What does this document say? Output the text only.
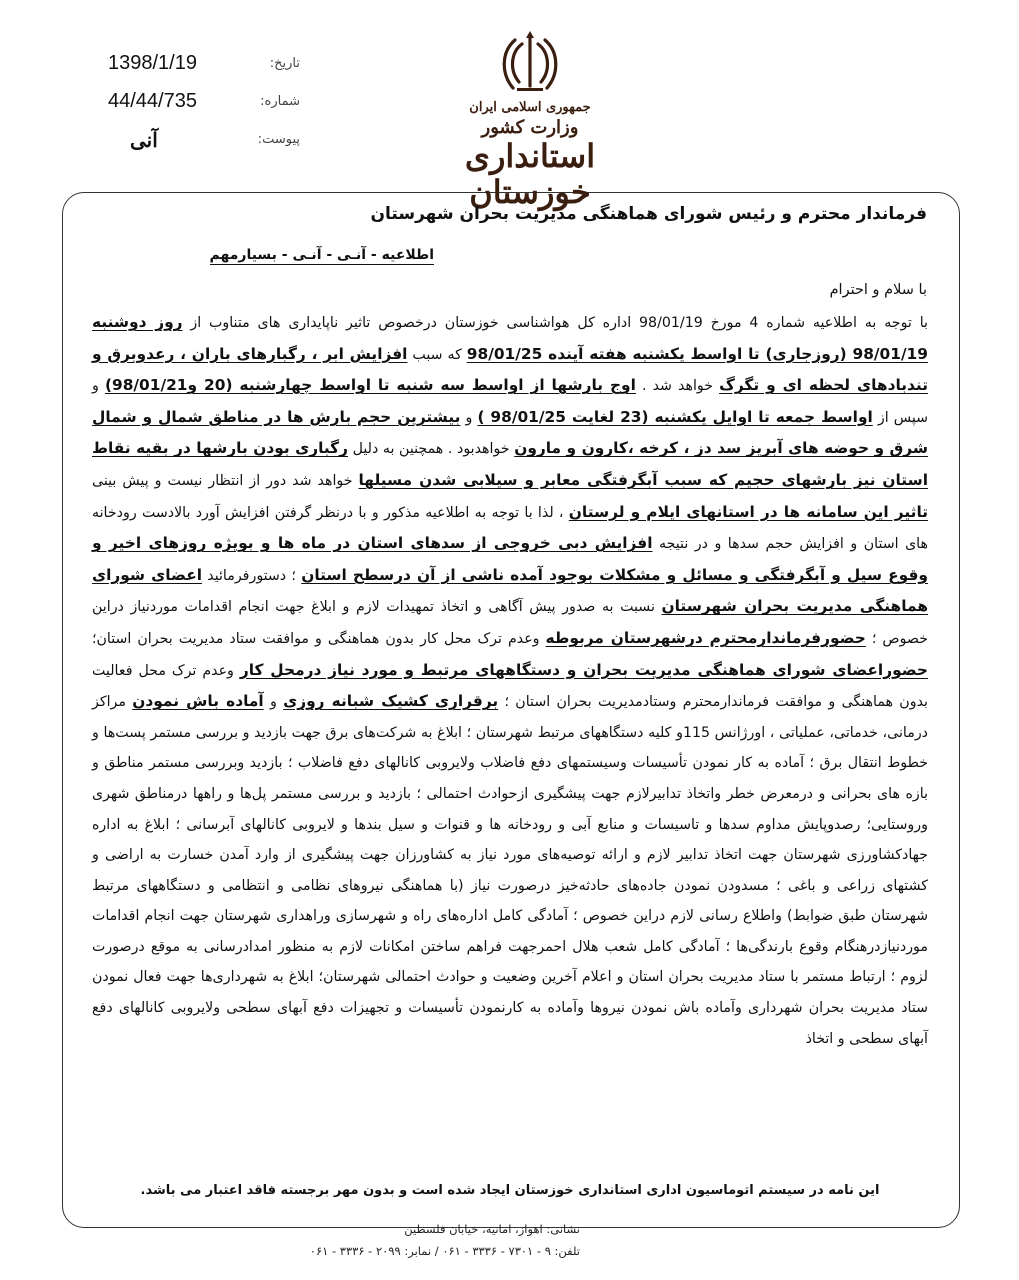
جمهوری اسلامی ایران
وزارت کشور
استانداری خوزستان
1398/1/19	تاریخ:
44/44/735	شماره:
آنی	پیوست:
فرماندار محترم و رئیس شورای هماهنگی مدیریت بحران شهرستان
اطلاعیه - آنـی - آنـی - بسیارمهم
با سلام و احترام
با توجه به اطلاعیه شماره 4 مورخ 98/01/19 اداره کل هواشناسی خوزستان درخصوص تاثیر ناپایداری های متناوب از روز دوشنبه 98/01/19 (روزجاری) تا اواسط یکشنبه هفته آینده 98/01/25 که سبب افزایش ابر ، رگبارهای باران ، رعدوبرق و تندبادهای لحظه ای و تگرگ خواهد شد . اوج بارشها از اواسط سه شنبه تا اواسط چهارشنبه (20 و98/01/21) و سپس از اواسط جمعه تا اوایل یکشنبه (23 لغایت 98/01/25 ) و بیشترین حجم بارش ها در مناطق شمال و شمال شرق و حوضه های آبریز سد دز ، کرخه ،کارون و مارون خواهدبود . همچنین به دلیل رگباری بودن بارشها در بقیه نقاط استان نیز بارشهای حجیم که سبب آبگرفتگی معابر و سیلابی شدن مسیلها خواهد شد دور از انتظار نیست و پیش بینی تاثیر این سامانه ها در استانهای ایلام و لرستان ، لذا با توجه به اطلاعیه مذکور و با درنظر گرفتن افزایش آورد بالادست رودخانه های استان و افزایش حجم سدها و در نتیجه افزایش دبی خروجی از سدهای استان در ماه ها و بویژه روزهای اخیر و وقوع سیل و آبگرفتگی و مسائل و مشکلات بوجود آمده ناشی از آن درسطح استان ؛ دستورفرمائید اعضای شورای هماهنگی مدیریت بحران شهرستان نسبت به صدور پیش آگاهی و اتخاذ تمهیدات لازم و ابلاغ جهت انجام اقدامات موردنیاز دراین خصوص ؛ حضورفرماندارمحترم درشهرستان مربوطه وعدم ترک محل کار بدون هماهنگی و موافقت ستاد مدیریت بحران استان؛ حضوراعضای شورای هماهنگی مدیریت بحران و دستگاههای مرتبط و مورد نیاز درمحل کار وعدم ترک محل فعالیت بدون هماهنگی و موافقت فرماندارمحترم وستادمدیریت بحران استان ؛ برقراری کشیک شبانه روزی و آماده باش نمودن مراکز درمانی، خدماتی، عملیاتی ، اورژانس 115و کلیه دستگاههای مرتبط شهرستان ؛ ابلاغ به شرکت‌های برق جهت بازدید و بررسی مستمر پست‌ها و خطوط انتقال برق ؛ آماده به کار نمودن تأسیسات وسیستمهای دفع فاضلاب ولایروبی کانالهای دفع فاضلاب ؛ بازدید وبررسی مستمر مناطق و بازه های بحرانی و درمعرض خطر واتخاذ تدابیرلازم جهت پیشگیری ازحوادث احتمالی ؛ بازدید و بررسی مستمر پل‌ها و راهها درمناطق شهری وروستایی؛ رصدوپایش مداوم سدها و تاسیسات و منابع آبی و رودخانه ها و قنوات و سیل بندها و لایروبی کانالهای آبرسانی ؛ ابلاغ به اداره جهادکشاورزی شهرستان جهت اتخاذ تدابیر لازم و ارائه توصیه‌های مورد نیاز به کشاورزان جهت پیشگیری از وارد آمدن خسارت به اراضی و کشتهای زراعی و باغی ؛ مسدودن نمودن جاده‌های حادثه‌خیز درصورت نیاز (با هماهنگی نیروهای نظامی و انتظامی و دستگاههای مرتبط شهرستان طبق ضوابط) واطلاع رسانی لازم دراین خصوص ؛ آمادگی کامل اداره‌های راه و شهرسازی وراهداری شهرستان جهت انجام اقدامات موردنیازدرهنگام وقوع بارندگی‌ها ؛ آمادگی کامل شعب هلال احمرجهت فراهم ساختن امکانات لازم به منظور امدادرسانی به موقع درصورت لزوم ؛ ارتباط مستمر با ستاد مدیریت بحران استان و اعلام آخرین وضعیت و حوادث احتمالی شهرستان؛ ابلاغ به شهرداری‌ها جهت فعال نمودن ستاد مدیریت بحران شهرداری وآماده باش نمودن نیروها وآماده به کارنمودن تأسیسات و تجهیزات دفع آبهای سطحی ولایروبی کانالهای دفع آبهای سطحی و اتخاذ
این نامه در سیستم اتوماسیون اداری استانداری خوزستان ایجاد شده است و بدون مهر برجسته فاقد اعتبار می باشد.
نشانی: اهواز، امانیه، خیابان فلسطین
تلفن: ۹ - ۷۳۰۱ - ۳۳۳۶ - ۰۶۱ / نمابر: ۲۰۹۹ - ۳۳۳۶ - ۰۶۱
